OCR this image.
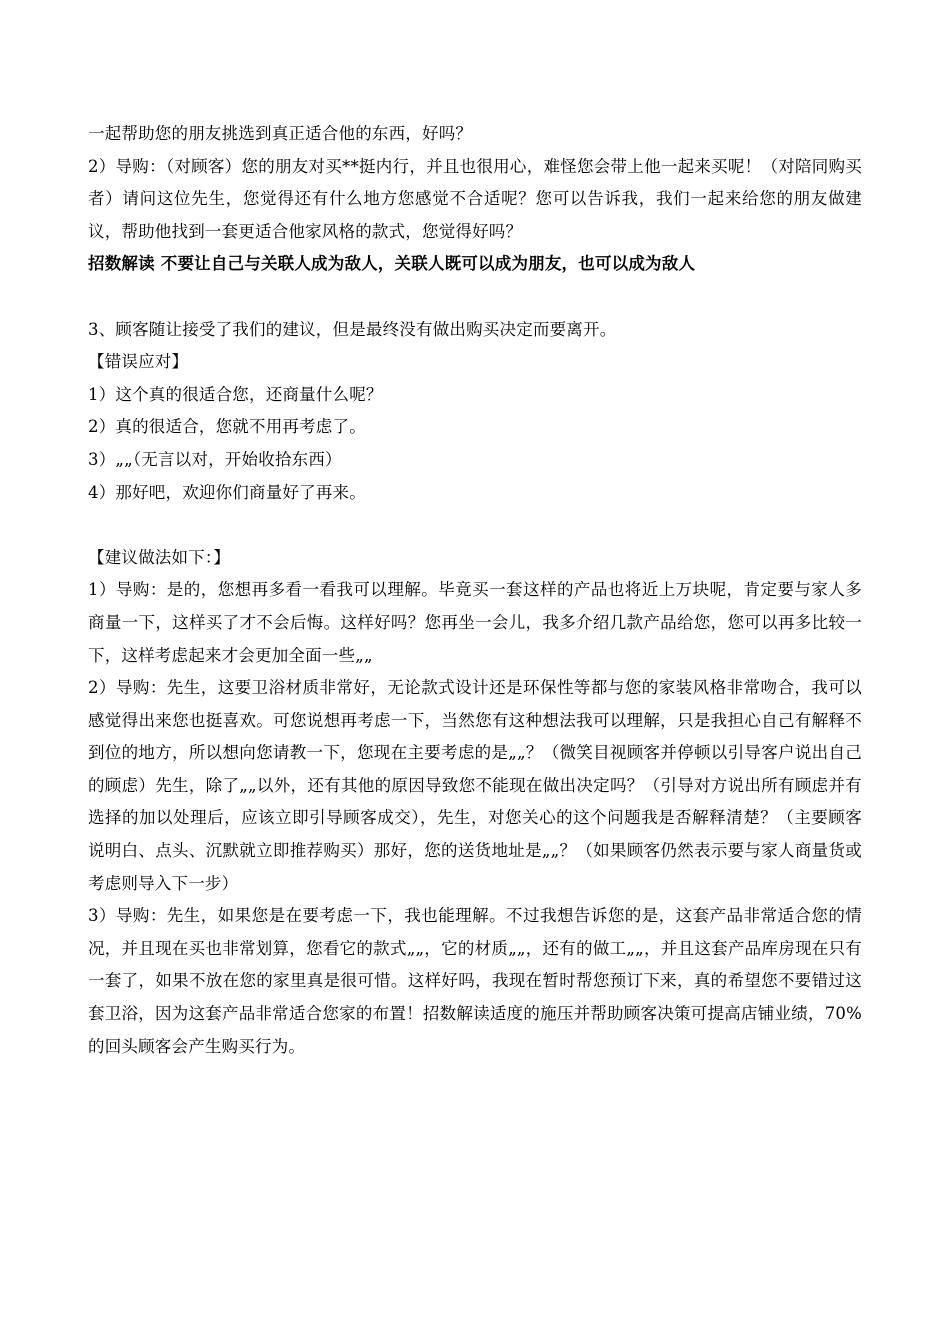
一起帮助您的朋友挑选到真正适合他的东西，好吗？

2）导购：（对顾客）您的朋友对买**挺内行，并且也很用心，难怪您会带上他一起来买呢！（对陪同购买者）请问这位先生，您觉得还有什么地方您感觉不合适呢？您可以告诉我，我们一起来给您的朋友做建议，帮助他找到一套更适合他家风格的款式，您觉得好吗？

招数解读 不要让自己与关联人成为敌人，关联人既可以成为朋友，也可以成为敌人

3、顾客随让接受了我们的建议，但是最终没有做出购买决定而要离开。

【错误应对】

1）这个真的很适合您，还商量什么呢？

2）真的很适合，您就不用再考虑了。

3）„„（无言以对，开始收拾东西）

4）那好吧，欢迎你们商量好了再来。

【建议做法如下：】

1）导购：是的，您想再多看一看我可以理解。毕竟买一套这样的产品也将近上万块呢，肯定要与家人多商量一下，这样买了才不会后悔。这样好吗？您再坐一会儿，我多介绍几款产品给您，您可以再多比较一下，这样考虑起来才会更加全面一些„„

2）导购：先生，这要卫浴材质非常好，无论款式设计还是环保性等都与您的家装风格非常吻合，我可以感觉得出来您也挺喜欢。可您说想再考虑一下，当然您有这种想法我可以理解，只是我担心自己有解释不到位的地方，所以想向您请教一下，您现在主要考虑的是„„？（微笑目视顾客并停顿以引导客户说出自己的顾虑）先生，除了„„以外，还有其他的原因导致您不能现在做出决定吗？（引导对方说出所有顾虑并有选择的加以处理后，应该立即引导顾客成交），先生，对您关心的这个问题我是否解释清楚？（主要顾客说明白、点头、沉默就立即推荐购买）那好，您的送货地址是„„？（如果顾客仍然表示要与家人商量货或考虑则导入下一步）

3）导购：先生，如果您是在要考虑一下，我也能理解。不过我想告诉您的是，这套产品非常适合您的情况，并且现在买也非常划算，您看它的款式„„，它的材质„„，还有的做工„„，并且这套产品库房现在只有一套了，如果不放在您的家里真是很可惜。这样好吗，我现在暂时帮您预订下来，真的希望您不要错过这套卫浴，因为这套产品非常适合您家的布置！招数解读适度的施压并帮助顾客决策可提高店铺业绩，70%的回头顾客会产生购买行为。
